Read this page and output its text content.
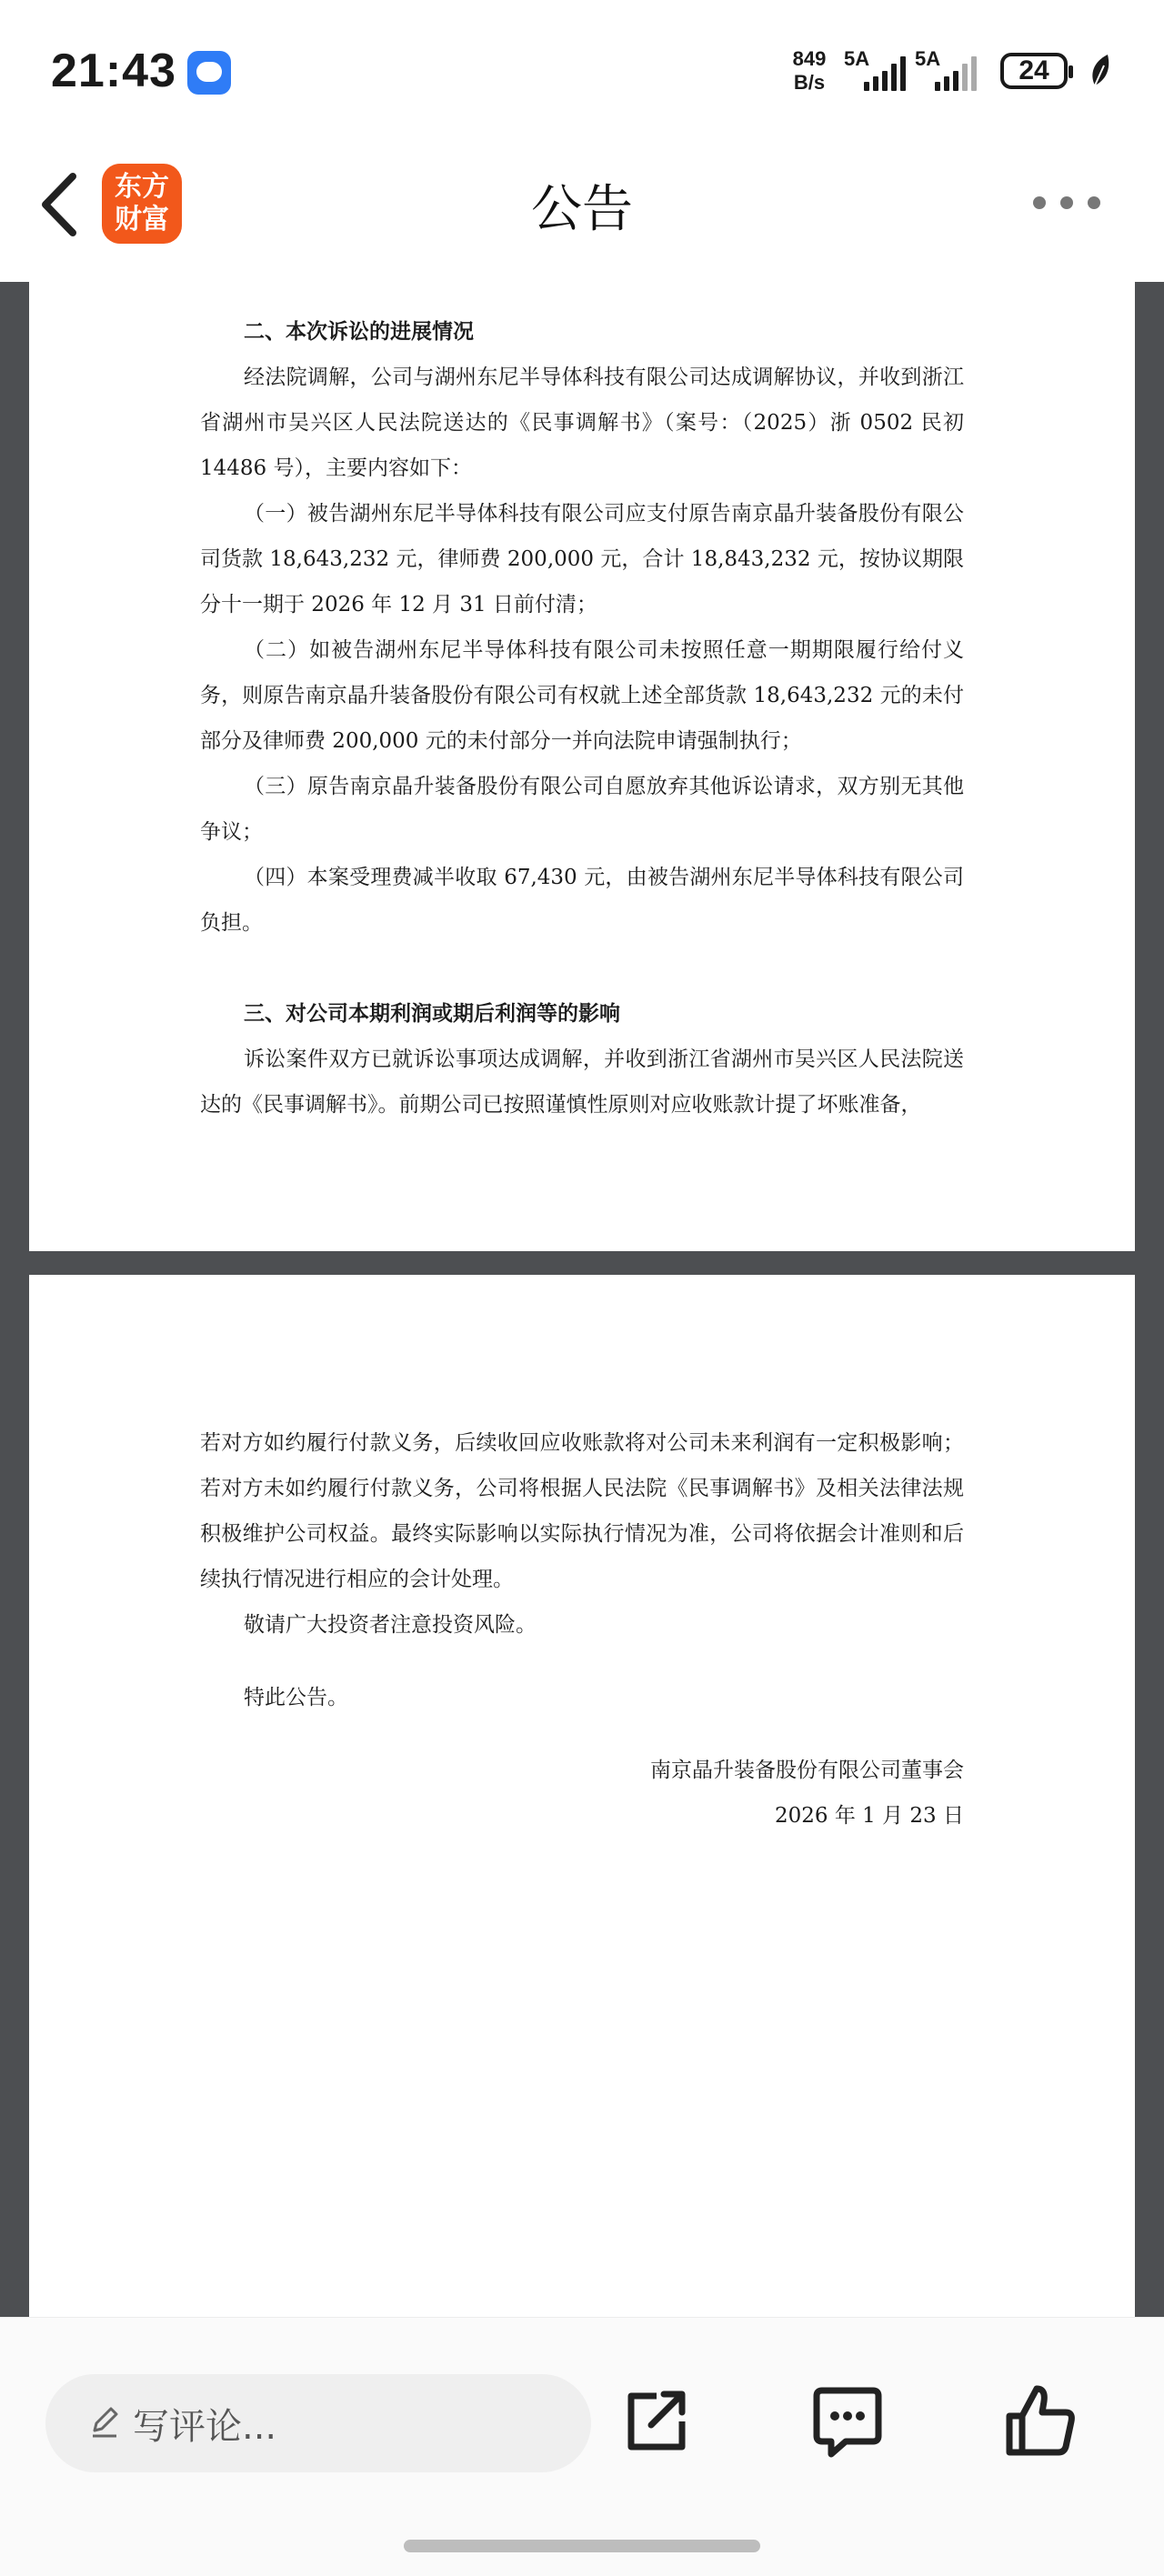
21:43	849
B/s
5A 5A	24
东方
财富	公告

二、本次诉讼的进展情况

经法院调解，公司与湖州东尼半导体科技有限公司达成调解协议，并收到浙江省湖州市吴兴区人民法院送达的《民事调解书》（案号：（2025）浙 0502 民初 14486 号），主要内容如下：

（一）被告湖州东尼半导体科技有限公司应支付原告南京晶升装备股份有限公司货款 18,643,232 元，律师费 200,000 元，合计 18,843,232 元，按协议期限分十一期于 2026 年 12 月 31 日前付清；

（二）如被告湖州东尼半导体科技有限公司未按照任意一期期限履行给付义务，则原告南京晶升装备股份有限公司有权就上述全部货款 18,643,232 元的未付部分及律师费 200,000 元的未付部分一并向法院申请强制执行；

（三）原告南京晶升装备股份有限公司自愿放弃其他诉讼请求，双方别无其他争议；

（四）本案受理费减半收取 67,430 元，由被告湖州东尼半导体科技有限公司负担。

三、对公司本期利润或期后利润等的影响

诉讼案件双方已就诉讼事项达成调解，并收到浙江省湖州市吴兴区人民法院送达的《民事调解书》。前期公司已按照谨慎性原则对应收账款计提了坏账准备，

若对方如约履行付款义务，后续收回应收账款将对公司未来利润有一定积极影响；若对方未如约履行付款义务，公司将根据人民法院《民事调解书》及相关法律法规积极维护公司权益。最终实际影响以实际执行情况为准，公司将依据会计准则和后续执行情况进行相应的会计处理。

敬请广大投资者注意投资风险。

特此公告。

南京晶升装备股份有限公司董事会

2026 年 1 月 23 日

写评论...
